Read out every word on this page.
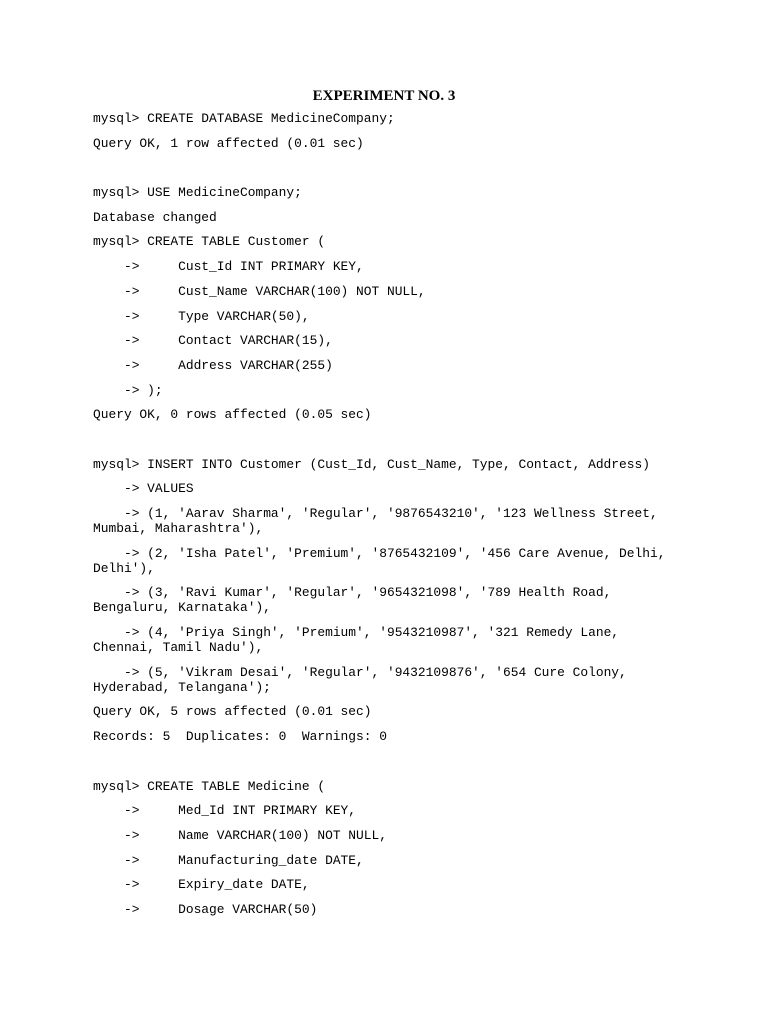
EXPERIMENT NO. 3
mysql> CREATE DATABASE MedicineCompany;
Query OK, 1 row affected (0.01 sec)
mysql> USE MedicineCompany;
Database changed
mysql> CREATE TABLE Customer (
->     Cust_Id INT PRIMARY KEY,
->     Cust_Name VARCHAR(100) NOT NULL,
->     Type VARCHAR(50),
->     Contact VARCHAR(15),
->     Address VARCHAR(255)
-> );
Query OK, 0 rows affected (0.05 sec)
mysql> INSERT INTO Customer (Cust_Id, Cust_Name, Type, Contact, Address)
-> VALUES
-> (1, 'Aarav Sharma', 'Regular', '9876543210', '123 Wellness Street,
Mumbai, Maharashtra'),
-> (2, 'Isha Patel', 'Premium', '8765432109', '456 Care Avenue, Delhi,
Delhi'),
-> (3, 'Ravi Kumar', 'Regular', '9654321098', '789 Health Road,
Bengaluru, Karnataka'),
-> (4, 'Priya Singh', 'Premium', '9543210987', '321 Remedy Lane,
Chennai, Tamil Nadu'),
-> (5, 'Vikram Desai', 'Regular', '9432109876', '654 Cure Colony,
Hyderabad, Telangana');
Query OK, 5 rows affected (0.01 sec)
Records: 5  Duplicates: 0  Warnings: 0
mysql> CREATE TABLE Medicine (
->     Med_Id INT PRIMARY KEY,
->     Name VARCHAR(100) NOT NULL,
->     Manufacturing_date DATE,
->     Expiry_date DATE,
->     Dosage VARCHAR(50)
